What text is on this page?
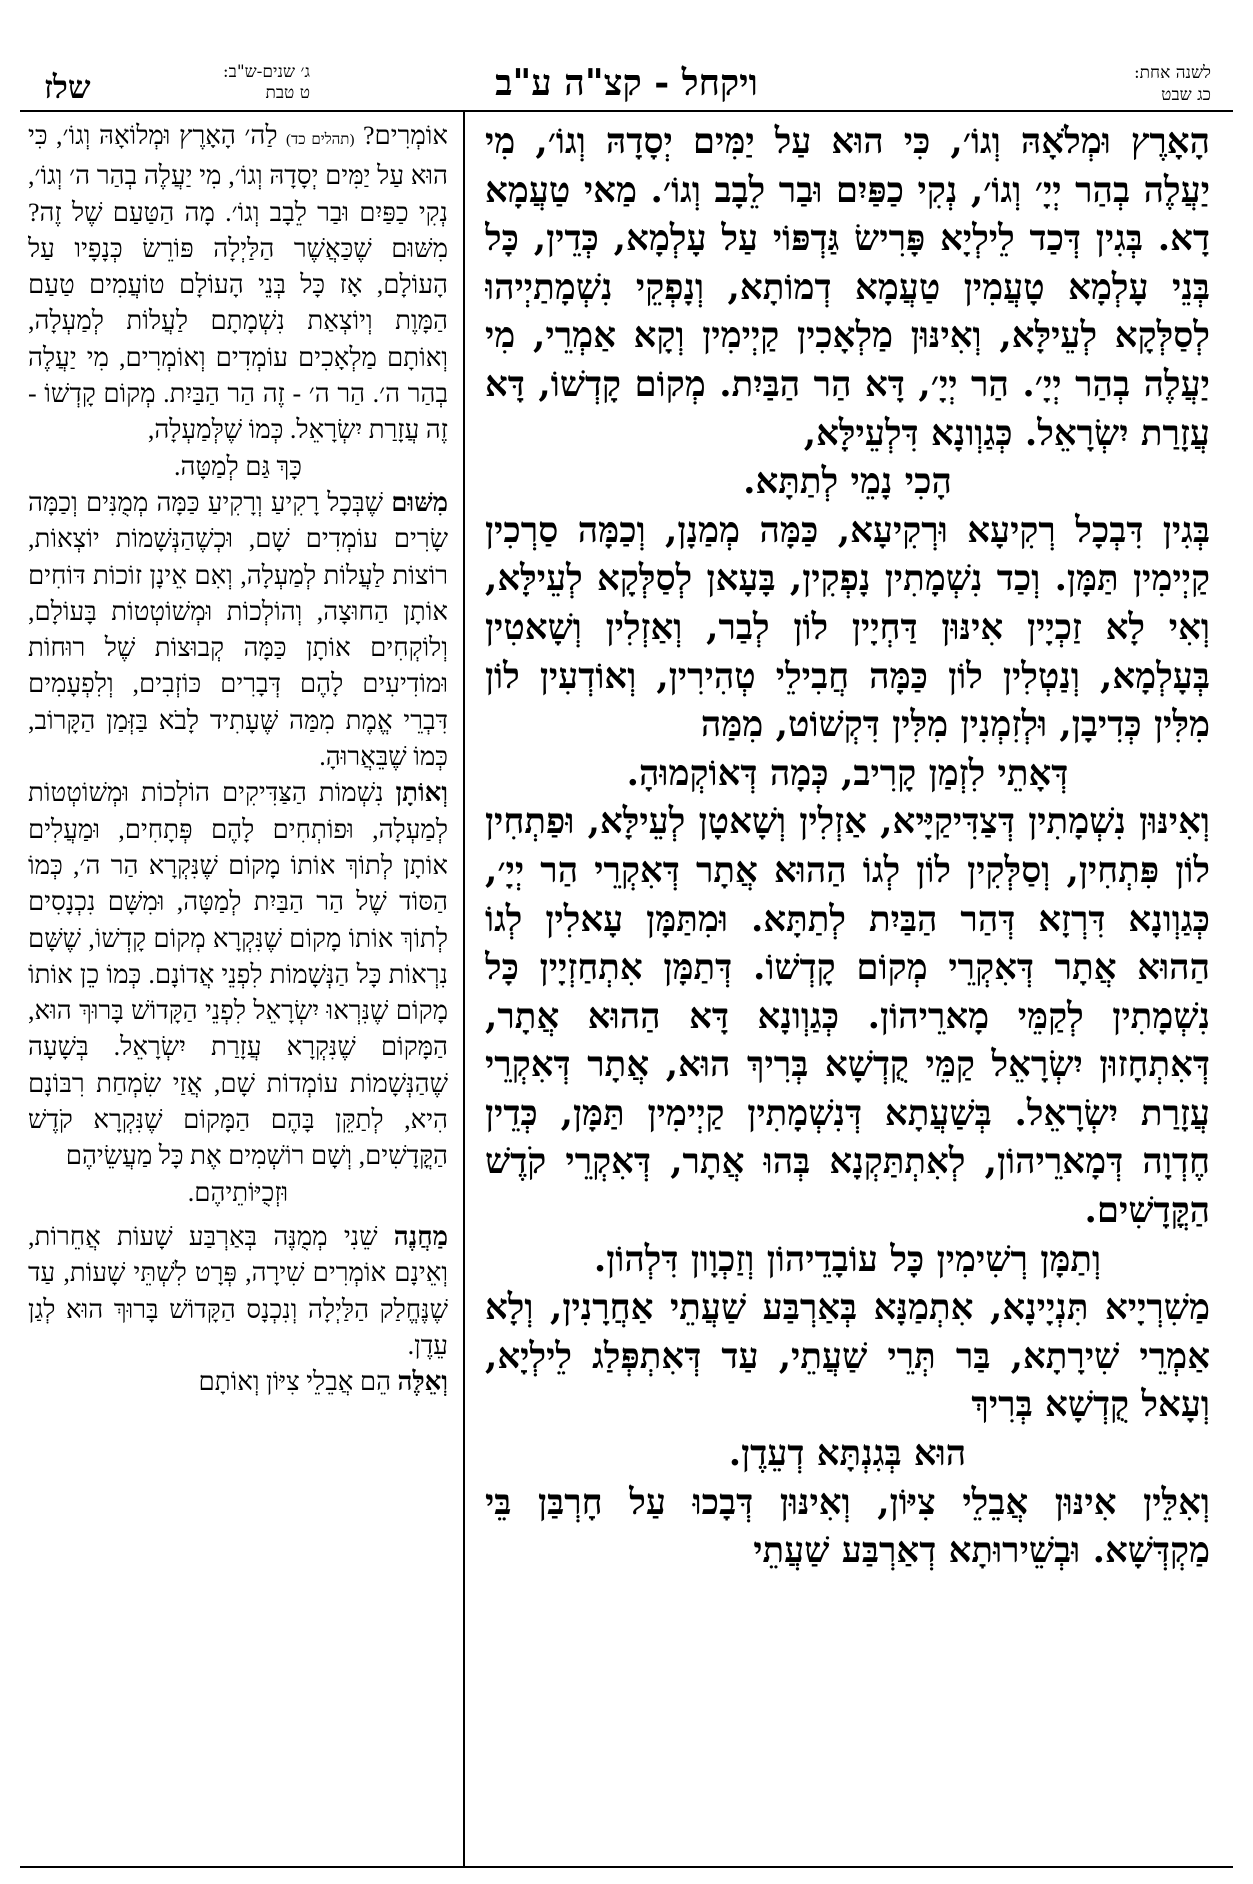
שלז	ג׳ שנים-ש"ב:
ט טבת	ויקחל - קצ"ה ע"ב	לשנה אחת:
כג שבט

הָאָרֶץ וּמְלֹאָהּ וְגוֹ׳, כִּי הוּא עַל יַמִּים יְסָדָהּ וְגוֹ׳, מִי יַעֲלֶה בְהַר יְיָ׳ וְגוֹ׳, נְקִי כַפַּיִם וּבַר לֵבָב וְגוֹ׳. מַאי טַעֲמָא דָא. בְּגִין דְּכַד לֵילְיָא פָּרִישׂ גַּדְפּוֹי עַל עָלְמָא, כְּדֵין, כָּל בְּנֵי עָלְמָא טָעֲמִין טַעֲמָא דְמוֹתָא, וְנָפְקֵי נִשְׁמָתַיְיהוּ לְסַלְּקָא לְעֵילָּא, וְאִינּוּן מַלְאָכִין קַיְימִין וְקָא אַמְרֵי, מִי יַעֲלֶה בְהַר יְיָ׳. הַר יְיָ׳, דָּא הַר הַבַּיִת. מְקוֹם קָדְשׁוֹ, דָּא עֲזָרַת יִשְׂרָאֵל. כְּגַוְונָא דִּלְעֵילָּא,

הָכִי נָמֵי לְתַתָּא.

בְּגִין דִּבְכָל רְקִיעָא וּרְקִיעָא, כַּמָּה מְמַנָן, וְכַמָּה סַרְכִין קַיְימִין תַּמָּן. וְכַד נִשְׁמָתִין נָפְקִין, בָּעָאן לְסַלְּקָא לְעֵילָּא, וְאִי לָא זַכְיָין אִינּוּן דַּחְיָין לוֹן לְבַר, וְאַזְלִין וְשָׁאטִין בְּעָלְמָא, וְנַטְלִין לוֹן כַּמָּה חֲבִילֵי טְהִירִין, וְאוֹדְעִין לוֹן מִלִּין כְּדִיבָן, וּלְזִמְנִין מִלִּין דִּקְשׁוֹט, מִמַּה

דְּאָתֵי לִזְמַן קָרִיב, כְּמָה דְּאוֹקְמוּהָ.

וְאִינּוּן נִשְׁמָתִין דְּצַדִּיקַיָּיא, אַזְלִין וְשָׁאטָן לְעֵילָּא, וּפַתְחִין לוֹן פִּתְחִין, וְסַלְּקִין לוֹן לְגוֹ הַהוּא אֲתָר דְּאִקְרֵי הַר יְיָ׳, כְּגַוְונָא דִּרְזָא דְּהַר הַבַּיִת לְתַתָּא. וּמִתַּמָּן עָאלִין לְגוֹ הַהוּא אֲתָר דְּאִקְרֵי מְקוֹם קָדְשׁוֹ. דְּתַמָּן אִתְחַזְיָין כָּל נִשְׁמָתִין לְקַמֵּי מָארֵיהוֹן. כְּגַוְונָא דָּא הַהוּא אֲתָר, דְּאִתְחָזוּן יִשְׂרָאֵל קַמֵּי קֻדְשָׁא בְּרִיךְ הוּא, אֲתָר דְּאִקְרֵי עֲזָרַת יִשְׂרָאֵל. בְּשַׁעֲתָא דְּנִשְׁמָתִין קַיְימִין תַּמָּן, כְּדֵין חֶדְוָה דְּמָארֵיהוֹן, לְאִתְתַּקְנָא בְּהוּ אֲתָר, דְּאִקְרֵי קֹדֶשׁ הַקֳּדָשִׁים.

וְתַמָּן רְשִׁימִין כָּל עוֹבָדֵיהוֹן וְזַכְוָון דִּלְהוֹן.

מַשִׁרְיָיא תִּנְיָינָא, אִתְמַנָּא בְּאַרְבַּע שַׁעֲתֵי אַחֲרָנִין, וְלָא אַמְרֵי שִׁירָתָא, בַּר תְּרֵי שַׁעֲתֵי, עַד דְּאִתְפְּלַג לֵילְיָא, וְעָאל קֻדְשָׁא בְּרִיךְ

הוּא בְּגִנְתָּא דְעֵדֶן.

וְאִלֵּין אִינּוּן אֲבֵלֵי צִיּוֹן, וְאִינּוּן דְּבָכוּ עַל חָרְבַּן בֵּי מַקְדְּשָׁא. וּבְשֵׁירוּתָא דְאַרְבַּע שַׁעֲתֵי

אוֹמְרִים? (תהלים כד) לַה׳ הָאָרֶץ וּמְלוֹאָהּ וְגוֹ׳, כִּי הוּא עַל יַמִּים יְסָדָהּ וְגוֹ׳, מִי יַעֲלֶה בְהַר ה׳ וְגוֹ׳, נְקִי כַפַּיִם וּבַר לֵבָב וְגוֹ׳. מָה הַטַּעַם שֶׁל זֶה? מִשּׁוּם שֶׁכַּאֲשֶׁר הַלַּיְלָה פּוֹרֵשׂ כְּנָפָיו עַל הָעוֹלָם, אָז כָּל בְּנֵי הָעוֹלָם טוֹעֲמִים טַעַם הַמָּוֶת וְיוֹצְאַת נִשְׁמָתָם לַעֲלוֹת לְמַעְלָה, וְאוֹתָם מַלְאָכִים עוֹמְדִים וְאוֹמְרִים, מִי יַעֲלֶה בְהַר ה׳. הַר ה׳ - זֶה הַר הַבַּיִת. מְקוֹם קָדְשׁוֹ - זֶה עֲזָרַת יִשְׂרָאֵל. כְּמוֹ שֶׁלְּמַעְלָה,

כָּךְ גַּם לְמַטָּה.

מִשּׁוּם שֶׁבְּכָל רָקִיעַ וְרָקִיעַ כַּמָּה מְמֻנִּים וְכַמָּה שָׂרִים עוֹמְדִים שָׁם, וּכְשֶׁהַנְּשָׁמוֹת יוֹצְאוֹת, רוֹצוֹת לַעֲלוֹת לְמַעְלָה, וְאִם אֵינָן זוֹכוֹת דּוֹחִים אוֹתָן הַחוּצָה, וְהוֹלְכוֹת וּמְשׁוֹטְטוֹת בָּעוֹלָם, וְלוֹקְחִים אוֹתָן כַּמָּה קְבוּצוֹת שֶׁל רוּחוֹת וּמוֹדִיעִים לָהֶם דְּבָרִים כּוֹזְבִים, וְלִפְעָמִים דִּבְרֵי אֱמֶת מִמַּה שֶּׁעָתִיד לָבֹא בַּזְּמַן הַקָּרוֹב, כְּמוֹ שֶׁבֵּאֲרוּהָ.

וְאוֹתָן נִשְׁמוֹת הַצַּדִּיקִים הוֹלְכוֹת וּמְשׁוֹטְטוֹת לְמַעְלָה, וּפוֹתְחִים לָהֶם פְּתָחִים, וּמַעֲלִים אוֹתָן לְתוֹךְ אוֹתוֹ מָקוֹם שֶׁנִּקְרָא הַר ה׳, כְּמוֹ הַסּוֹד שֶׁל הַר הַבַּיִת לְמַטָּה, וּמִשָּׁם נִכְנָסִים לְתוֹךְ אוֹתוֹ מָקוֹם שֶׁנִּקְרָא מְקוֹם קָדְשׁוֹ, שֶׁשָּׁם נִרְאוֹת כָּל הַנְּשָׁמוֹת לִפְנֵי אֲדוֹנָם. כְּמוֹ כֵן אוֹתוֹ מָקוֹם שֶׁנִּרְאוּ יִשְׂרָאֵל לִפְנֵי הַקָּדוֹשׁ בָּרוּךְ הוּא, הַמָּקוֹם שֶׁנִּקְרָא עֲזָרַת יִשְׂרָאֵל. בְּשָׁעָה שֶׁהַנְּשָׁמוֹת עוֹמְדוֹת שָׁם, אֲזַי שִׂמְחַת רִבּוֹנָם הִיא, לְתַקֵּן בָּהֶם הַמָּקוֹם שֶׁנִּקְרָא קֹדֶשׁ הַקֳּדָשִׁים, וְשָׁם רוֹשְׁמִים אֶת כָּל מַעֲשֵׂיהֶם

וּזְכֻיּוֹתֵיהֶם.

מַחֲנֶה שֵׁנִי מְמֻנֶּה בְּאַרְבַּע שָׁעוֹת אֲחֵרוֹת, וְאֵינָם אוֹמְרִים שִׁירָה, פְּרָט לִשְׁתֵּי שָׁעוֹת, עַד שֶׁנֶּחֱלַק הַלַּיְלָה וְנִכְנָס הַקָּדוֹשׁ בָּרוּךְ הוּא לְגַן עֵדֶן.

וְאֵלֶּה הֵם אֲבֵלֵי צִיּוֹן וְאוֹתָם
